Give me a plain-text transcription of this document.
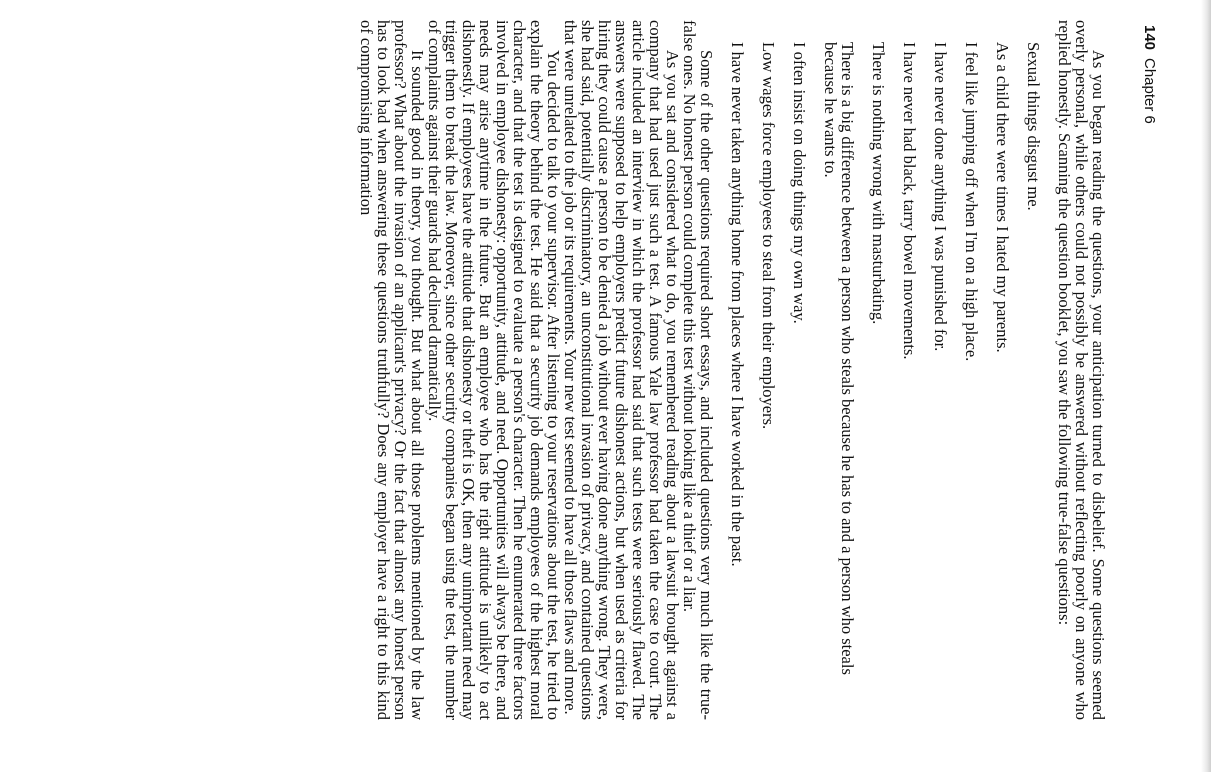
140
Chapter 6

As you began reading the questions, your anticipation turned to disbelief. Some questions seemed overly personal, while others could not possibly be answered without reflecting poorly on anyone who replied honestly. Scanning the question booklet, you saw the following true-false questions:

Sexual things disgust me.

As a child there were times I hated my parents.

I feel like jumping off when I'm on a high place.

I have never done anything I was punished for.

I have never had black, tarry bowel movements.

There is nothing wrong with masturbating.

There is a big difference between a person who steals because he has to and a person who steals because he wants to.

I often insist on doing things my own way.

Low wages force employees to steal from their employers.

I have never taken anything home from places where I have worked in the past.

Some of the other questions required short essays, and included questions very much like the true-false ones. No honest person could complete this test without looking like a thief or a liar.

As you sat and considered what to do, you remembered reading about a lawsuit brought against a company that had used just such a test. A famous Yale law professor had taken the case to court. The article included an interview in which the professor had said that such tests were seriously flawed. The answers were supposed to help employers predict future dishonest actions, but when used as criteria for hiring they could cause a person to be denied a job without ever having done anything wrong. They were, she had said, potentially discriminatory, an unconstitutional invasion of privacy, and contained questions that were unrelated to the job or its requirements. Your new test seemed to have all those flaws and more.

You decided to talk to your supervisor. After listening to your reservations about the test, he tried to explain the theory behind the test. He said that a security job demands employees of the highest moral character, and that the test is designed to evaluate a person's character. Then he enumerated three factors involved in employee dishonesty: opportunity, attitude, and need. Opportunities will always be there, and needs may arise anytime in the future. But an employee who has the right attitude is unlikely to act dishonestly. If employees have the attitude that dishonesty or theft is OK, then any unimportant need may trigger them to break the law. Moreover, since other security companies began using the test, the number of complaints against their guards had declined dramatically.

It sounded good in theory, you thought. But what about all those problems mentioned by the law professor? What about the invasion of an applicant's privacy? Or the fact that almost any honest person has to look bad when answering these questions truthfully? Does any employer have a right to this kind of compromising information
